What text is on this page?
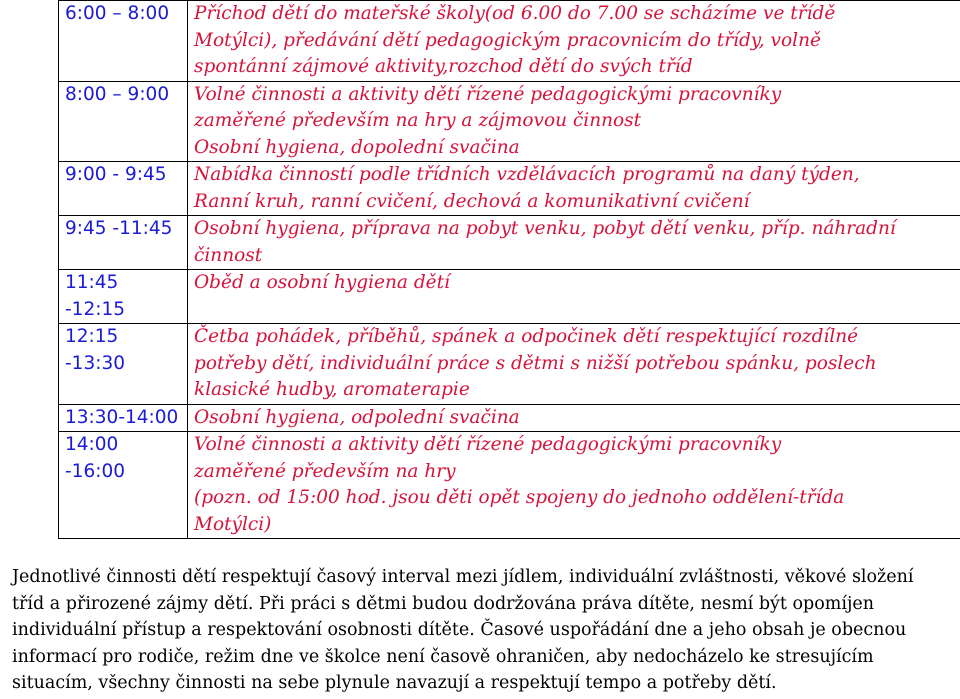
6:00 – 8:00	Příchod dětí do mateřské školy(od 6.00 do 7.00 se scházíme ve třídě
Motýlci), předávání dětí pedagogickým pracovnicím do třídy, volně
spontánní zájmové aktivity,rozchod dětí do svých tříd

8:00 – 9:00	Volné činnosti a aktivity dětí řízené pedagogickými pracovníky
zaměřené především na hry a zájmovou činnost
Osobní hygiena, dopolední svačina

9:00 - 9:45	Nabídka činností podle třídních vzdělávacích programů na daný týden,
Ranní kruh, ranní cvičení, dechová a komunikativní cvičení

9:45 -11:45	Osobní hygiena, příprava na pobyt venku, pobyt dětí venku, příp. náhradní
činnost

11:45 -12:15	Oběd a osobní hygiena dětí

12:15 -13:30	Četba pohádek, příběhů, spánek a odpočinek dětí respektující rozdílné
potřeby dětí, individuální práce s dětmi s nižší potřebou spánku, poslech
klasické hudby, aromaterapie

13:30-14:00	Osobní hygiena, odpolední svačina

14:00 -16:00	Volné činnosti a aktivity dětí řízené pedagogickými pracovníky
zaměřené především na hry
(pozn. od 15:00 hod. jsou děti opět spojeny do jednoho oddělení-třída
Motýlci)
Jednotlivé činnosti dětí respektují časový interval mezi jídlem, individuální zvláštnosti, věkové složení
tříd a přirozené zájmy dětí. Při práci s dětmi budou dodržována práva dítěte, nesmí být opomíjen
individuální přístup a respektování osobnosti dítěte. Časové uspořádání dne a jeho obsah je obecnou
informací pro rodiče, režim dne ve školce není časově ohraničen, aby nedocházelo ke stresujícím
situacím, všechny činnosti na sebe plynule navazují a respektují tempo a potřeby dětí.
